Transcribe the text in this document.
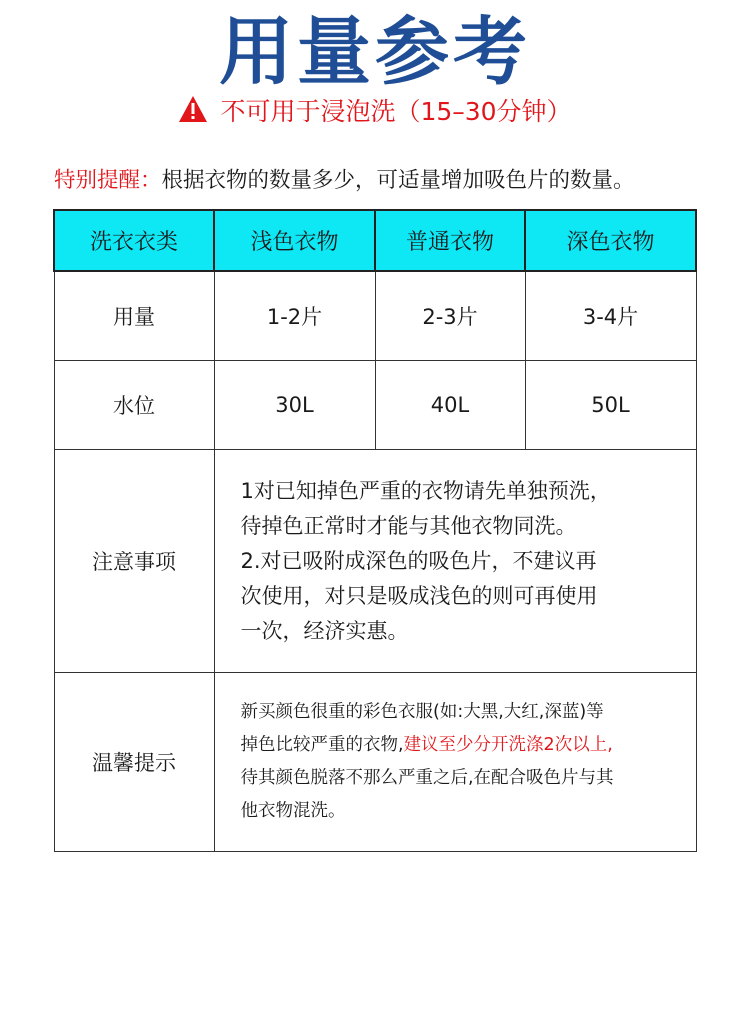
用量参考
不可用于浸泡洗（15–30分钟）
特别提醒：根据衣物的数量多少，可适量增加吸色片的数量。
洗衣衣类	浅色衣物	普通衣物	深色衣物
用量	1-2片	2-3片	3-4片
水位	30L	40L	50L
注意事项	1对已知掉色严重的衣物请先单独预洗，
待掉色正常时才能与其他衣物同洗。
2.对已吸附成深色的吸色片，不建议再
次使用，对只是吸成浅色的则可再使用
一次，经济实惠。		

温馨提示	新买颜色很重的彩色衣服(如:大黑,大红,深蓝)等
掉色比较严重的衣物,建议至少分开洗涤2次以上,
待其颜色脱落不那么严重之后,在配合吸色片与其
他衣物混洗。		
